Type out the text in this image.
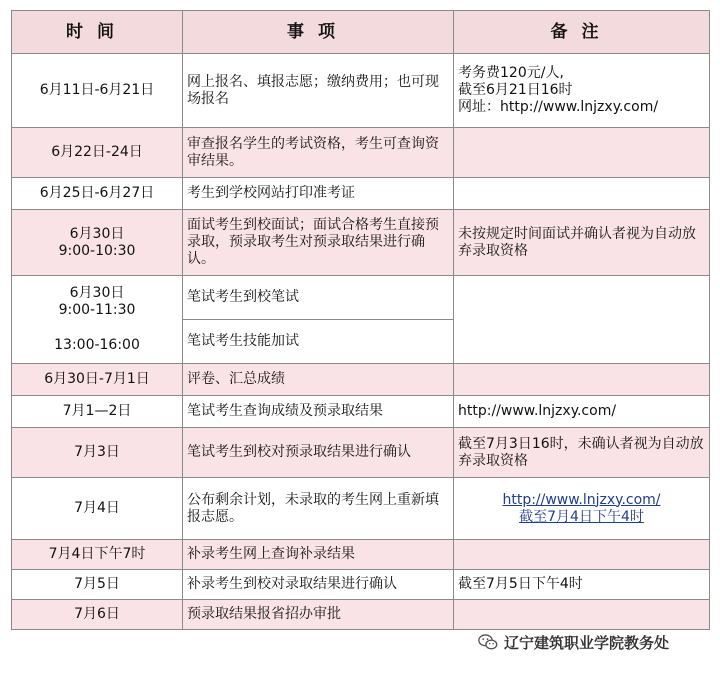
时间	事项	备注
6月11日-6月21日	网上报名、填报志愿；缴纳费用；也可现场报名	考务费120元/人,
截至6月21日16时
网址：http://www.lnjzxy.com/

6月22日-24日	审查报名学生的考试资格，考生可查询资审结果。	
6月25日-6月27日	考生到学校网站打印准考证	

6月30日
9:00-10:30	面试考生到校面试；面试合格考生直接预录取，预录取考生对预录取结果进行确认。	未按规定时间面试并确认者视为自动放弃录取资格

6月30日
9:00-11:30
13:00-16:00	笔试考生到校笔试	
	笔试考生技能加试	
6月30日-7月1日	评卷、汇总成绩	
7月1—2日	笔试考生查询成绩及预录取结果	http://www.lnjzxy.com/
7月3日	笔试考生到校对预录取结果进行确认	截至7月3日16时，未确认者视为自动放弃录取资格
7月4日	公布剩余计划，未录取的考生网上重新填报志愿。	http://www.lnjzxy.com/
截至7月4日下午4时

7月4日下午7时	补录考生网上查询补录结果	
7月5日	补录考生到校对录取结果进行确认	截至7月5日下午4时
7月6日	预录取结果报省招办审批	
辽宁建筑职业学院教务处
